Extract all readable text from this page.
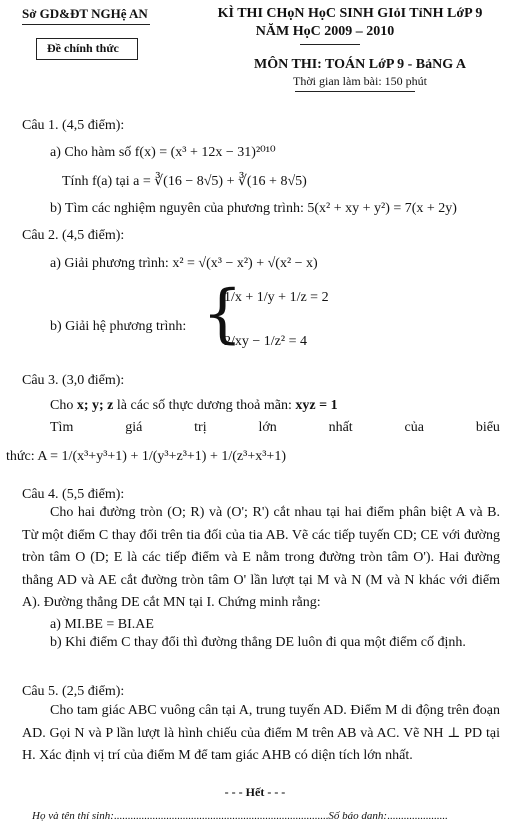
Sở GD&ĐT NGHệ AN
Đề chính thức
KÌ THI CHọN HọC SINH GIỏI TỉNH LớP 9
NĂM HọC 2009 – 2010
MÔN THI: TOÁN LớP 9 - BảNG A
Thời gian làm bài: 150 phút
Câu 1. (4,5 điểm):
a) Cho hàm số f(x) = (x³ + 12x − 31)²⁰¹⁰
Tính f(a) tại a = ∛(16 − 8√5) + ∛(16 + 8√5)
b) Tìm các nghiệm nguyên của phương trình: 5(x² + xy + y²) = 7(x + 2y)
Câu 2. (4,5 điểm):
a) Giải phương trình: x² = √(x³ − x²) + √(x² − x)
b) Giải hệ phương trình: {
1/x + 1/y + 1/z = 2
2/xy − 1/z² = 4
Câu 3. (3,0 điểm):
Cho x; y; z là các số thực dương thoả mãn: xyz = 1
Tìm	giá	trị	lớn	nhất	của	biểu
thức: A = 1/(x³+y³+1) + 1/(y³+z³+1) + 1/(z³+x³+1)
Câu 4. (5,5 điểm):
Cho hai đường tròn (O; R) và (O'; R') cắt nhau tại hai điểm phân biệt A và B. Từ một điểm C thay đổi trên tia đối của tia AB. Vẽ các tiếp tuyến CD; CE với đường tròn tâm O (D; E là các tiếp điểm và E nằm trong đường tròn tâm O'). Hai đường thẳng AD và AE cắt đường tròn tâm O' lần lượt tại M và N (M và N khác với điểm A). Đường thẳng DE cắt MN tại I. Chứng minh rằng:
a) MI.BE = BI.AE
b) Khi điểm C thay đổi thì đường thẳng DE luôn đi qua một điểm cố định.
Câu 5. (2,5 điểm):
Cho tam giác ABC vuông cân tại A, trung tuyến AD. Điểm M di động trên đoạn AD. Gọi N và P lần lượt là hình chiếu của điểm M trên AB và AC. Vẽ NH ⊥ PD tại H. Xác định vị trí của điểm M để tam giác AHB có diện tích lớn nhất.
- - - Hết - - -
Họ và tên thí sinh:..............................................................................Số báo danh:......................
